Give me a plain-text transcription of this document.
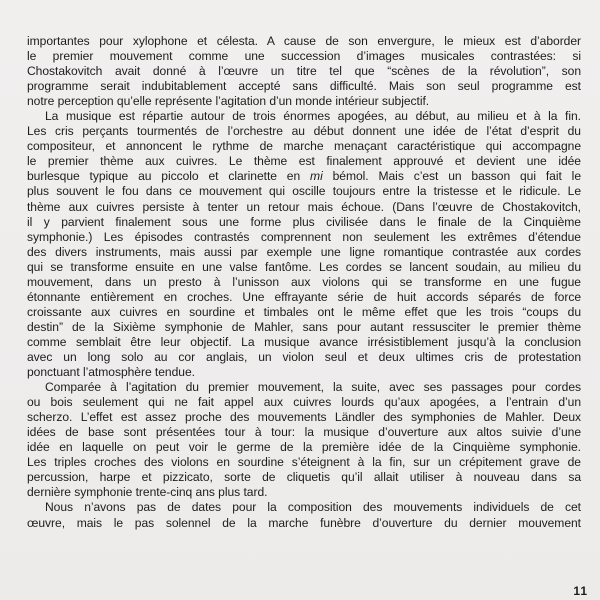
importantes pour xylophone et célesta. A cause de son envergure, le mieux est d’aborder
le premier mouvement comme une succession d’images musicales contrastées: si
Chostakovitch avait donné à l’œuvre un titre tel que “scènes de la révolution”, son
programme serait indubitablement accepté sans difficulté. Mais son seul programme est
notre perception qu’elle représente l’agitation d’un monde intérieur subjectif.
La musique est répartie autour de trois énormes apogées, au début, au milieu et à la fin.
Les cris perçants tourmentés de l’orchestre au début donnent une idée de l’état d’esprit du
compositeur, et annoncent le rythme de marche menaçant caractéristique qui accompagne
le premier thème aux cuivres. Le thème est finalement approuvé et devient une idée
burlesque typique au piccolo et clarinette en mi bémol. Mais c’est un basson qui fait le
plus souvent le fou dans ce mouvement qui oscille toujours entre la tristesse et le ridicule. Le
thème aux cuivres persiste à tenter un retour mais échoue. (Dans l’œuvre de Chostakovitch,
il y parvient finalement sous une forme plus civilisée dans le finale de la Cinquième
symphonie.) Les épisodes contrastés comprennent non seulement les extrêmes d’étendue
des divers instruments, mais aussi par exemple une ligne romantique contrastée aux cordes
qui se transforme ensuite en une valse fantôme. Les cordes se lancent soudain, au milieu du
mouvement, dans un presto à l’unisson aux violons qui se transforme en une fugue
étonnante entièrement en croches. Une effrayante série de huit accords séparés de force
croissante aux cuivres en sourdine et timbales ont le même effet que les trois “coups du
destin” de la Sixième symphonie de Mahler, sans pour autant ressusciter le premier thème
comme semblait être leur objectif. La musique avance irrésistiblement jusqu’à la conclusion
avec un long solo au cor anglais, un violon seul et deux ultimes cris de protestation
ponctuant l’atmosphère tendue.
Comparée à l’agitation du premier mouvement, la suite, avec ses passages pour cordes
ou bois seulement qui ne fait appel aux cuivres lourds qu’aux apogées, a l’entrain d’un
scherzo. L’effet est assez proche des mouvements Ländler des symphonies de Mahler. Deux
idées de base sont présentées tour à tour: la musique d’ouverture aux altos suivie d’une
idée en laquelle on peut voir le germe de la première idée de la Cinquième symphonie.
Les triples croches des violons en sourdine s’éteignent à la fin, sur un crépitement grave de
percussion, harpe et pizzicato, sorte de cliquetis qu’il allait utiliser à nouveau dans sa
dernière symphonie trente-cinq ans plus tard.
Nous n’avons pas de dates pour la composition des mouvements individuels de cet
œuvre, mais le pas solennel de la marche funèbre d’ouverture du dernier mouvement
11
